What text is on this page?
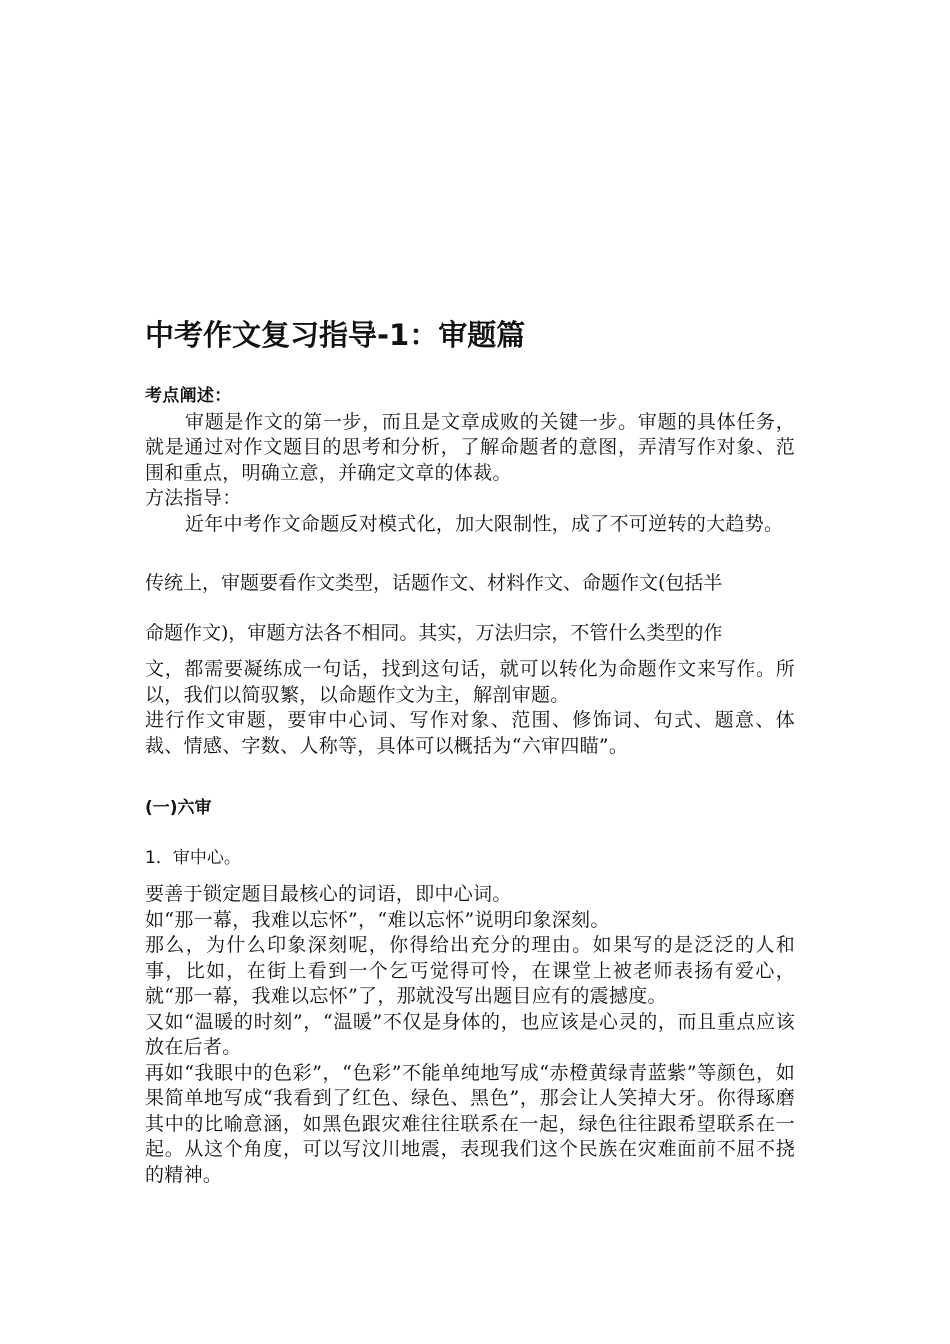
中考作文复习指导-1：审题篇
考点阐述：
审题是作文的第一步，而且是文章成败的关键一步。审题的具体任务，就是通过对作文题目的思考和分析，了解命题者的意图，弄清写作对象、范围和重点，明确立意，并确定文章的体裁。
方法指导：
近年中考作文命题反对模式化，加大限制性，成了不可逆转的大趋势。

传统上，审题要看作文类型，话题作文、材料作文、命题作文(包括半

命题作文)，审题方法各不相同。其实，万法归宗，不管什么类型的作

文，都需要凝练成一句话，找到这句话，就可以转化为命题作文来写作。所以，我们以简驭繁，以命题作文为主，解剖审题。
进行作文审题，要审中心词、写作对象、范围、修饰词、句式、题意、体裁、情感、字数、人称等，具体可以概括为“六审四瞄”。

(一)六审

1．审中心。

要善于锁定题目最核心的词语，即中心词。
如“那一幕，我难以忘怀”，“难以忘怀”说明印象深刻。
那么，为什么印象深刻呢，你得给出充分的理由。如果写的是泛泛的人和事，比如，在街上看到一个乞丐觉得可怜，在课堂上被老师表扬有爱心，就“那一幕，我难以忘怀”了，那就没写出题目应有的震撼度。
又如“温暖的时刻”，“温暖”不仅是身体的，也应该是心灵的，而且重点应该放在后者。
再如“我眼中的色彩”，“色彩”不能单纯地写成“赤橙黄绿青蓝紫”等颜色，如果简单地写成“我看到了红色、绿色、黑色”，那会让人笑掉大牙。你得琢磨其中的比喻意涵，如黑色跟灾难往往联系在一起，绿色往往跟希望联系在一起。从这个角度，可以写汶川地震，表现我们这个民族在灾难面前不屈不挠的精神。
